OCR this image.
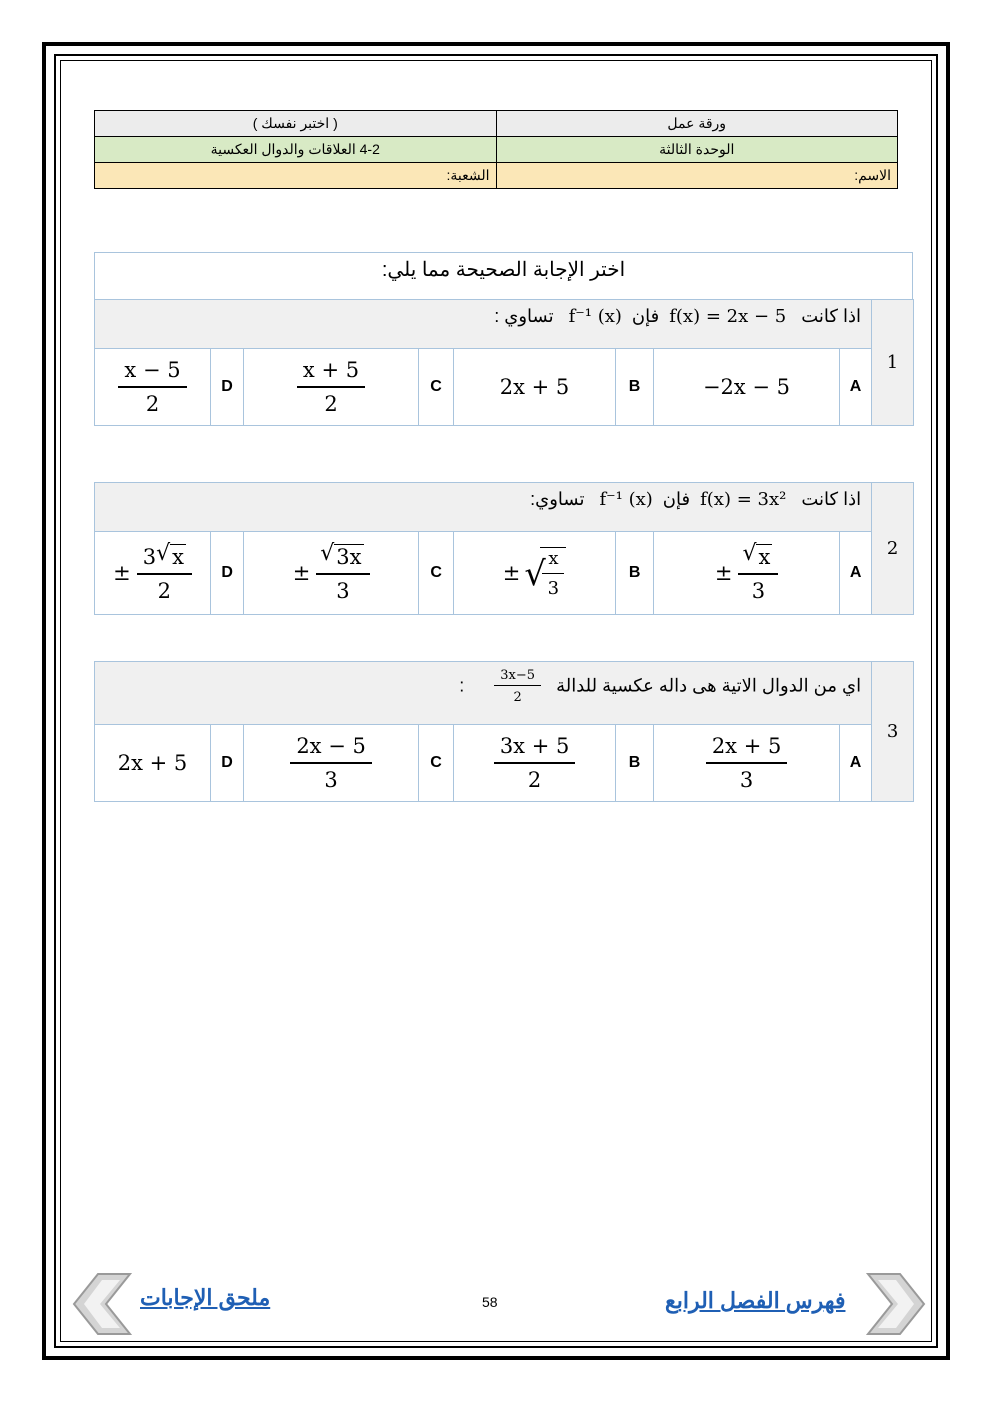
ورقة عمل	( اختبر نفسك )
الوحدة الثالثة	4-2 العلاقات والدوال العكسية
الاسم:	الشعبة:
اختر الإجابة الصحيحة مما يلي:
1	اذا كانت   f(x) = 2x − 5  فإن  f⁻¹ (x)   تساوي :							
	A	−2x − 5	B	2x + 5	C	$\frac{x + 5}{2}$	D	$\frac{x - 5}{2}$
2	اذا كانت   f(x) = 3x²  فإن  f⁻¹ (x)   تساوي:							
	A	± √ $\frac{x}{3}$	B	± √ $\frac{x}{3}$	C	± √ $\frac{3x}{3}$	D	± $\frac{3 √ x}{2}$
3	اي من الدوال الاتية هى داله عكسية للدالة
$\frac{3x-5}{2}$
:							
	A	$\frac{2x + 5}{3}$	B	$\frac{3x + 5}{2}$	C	$\frac{2x - 5}{3}$	D	2x + 5
ملحق الإجابات	58	فهرس الفصل الرابع
